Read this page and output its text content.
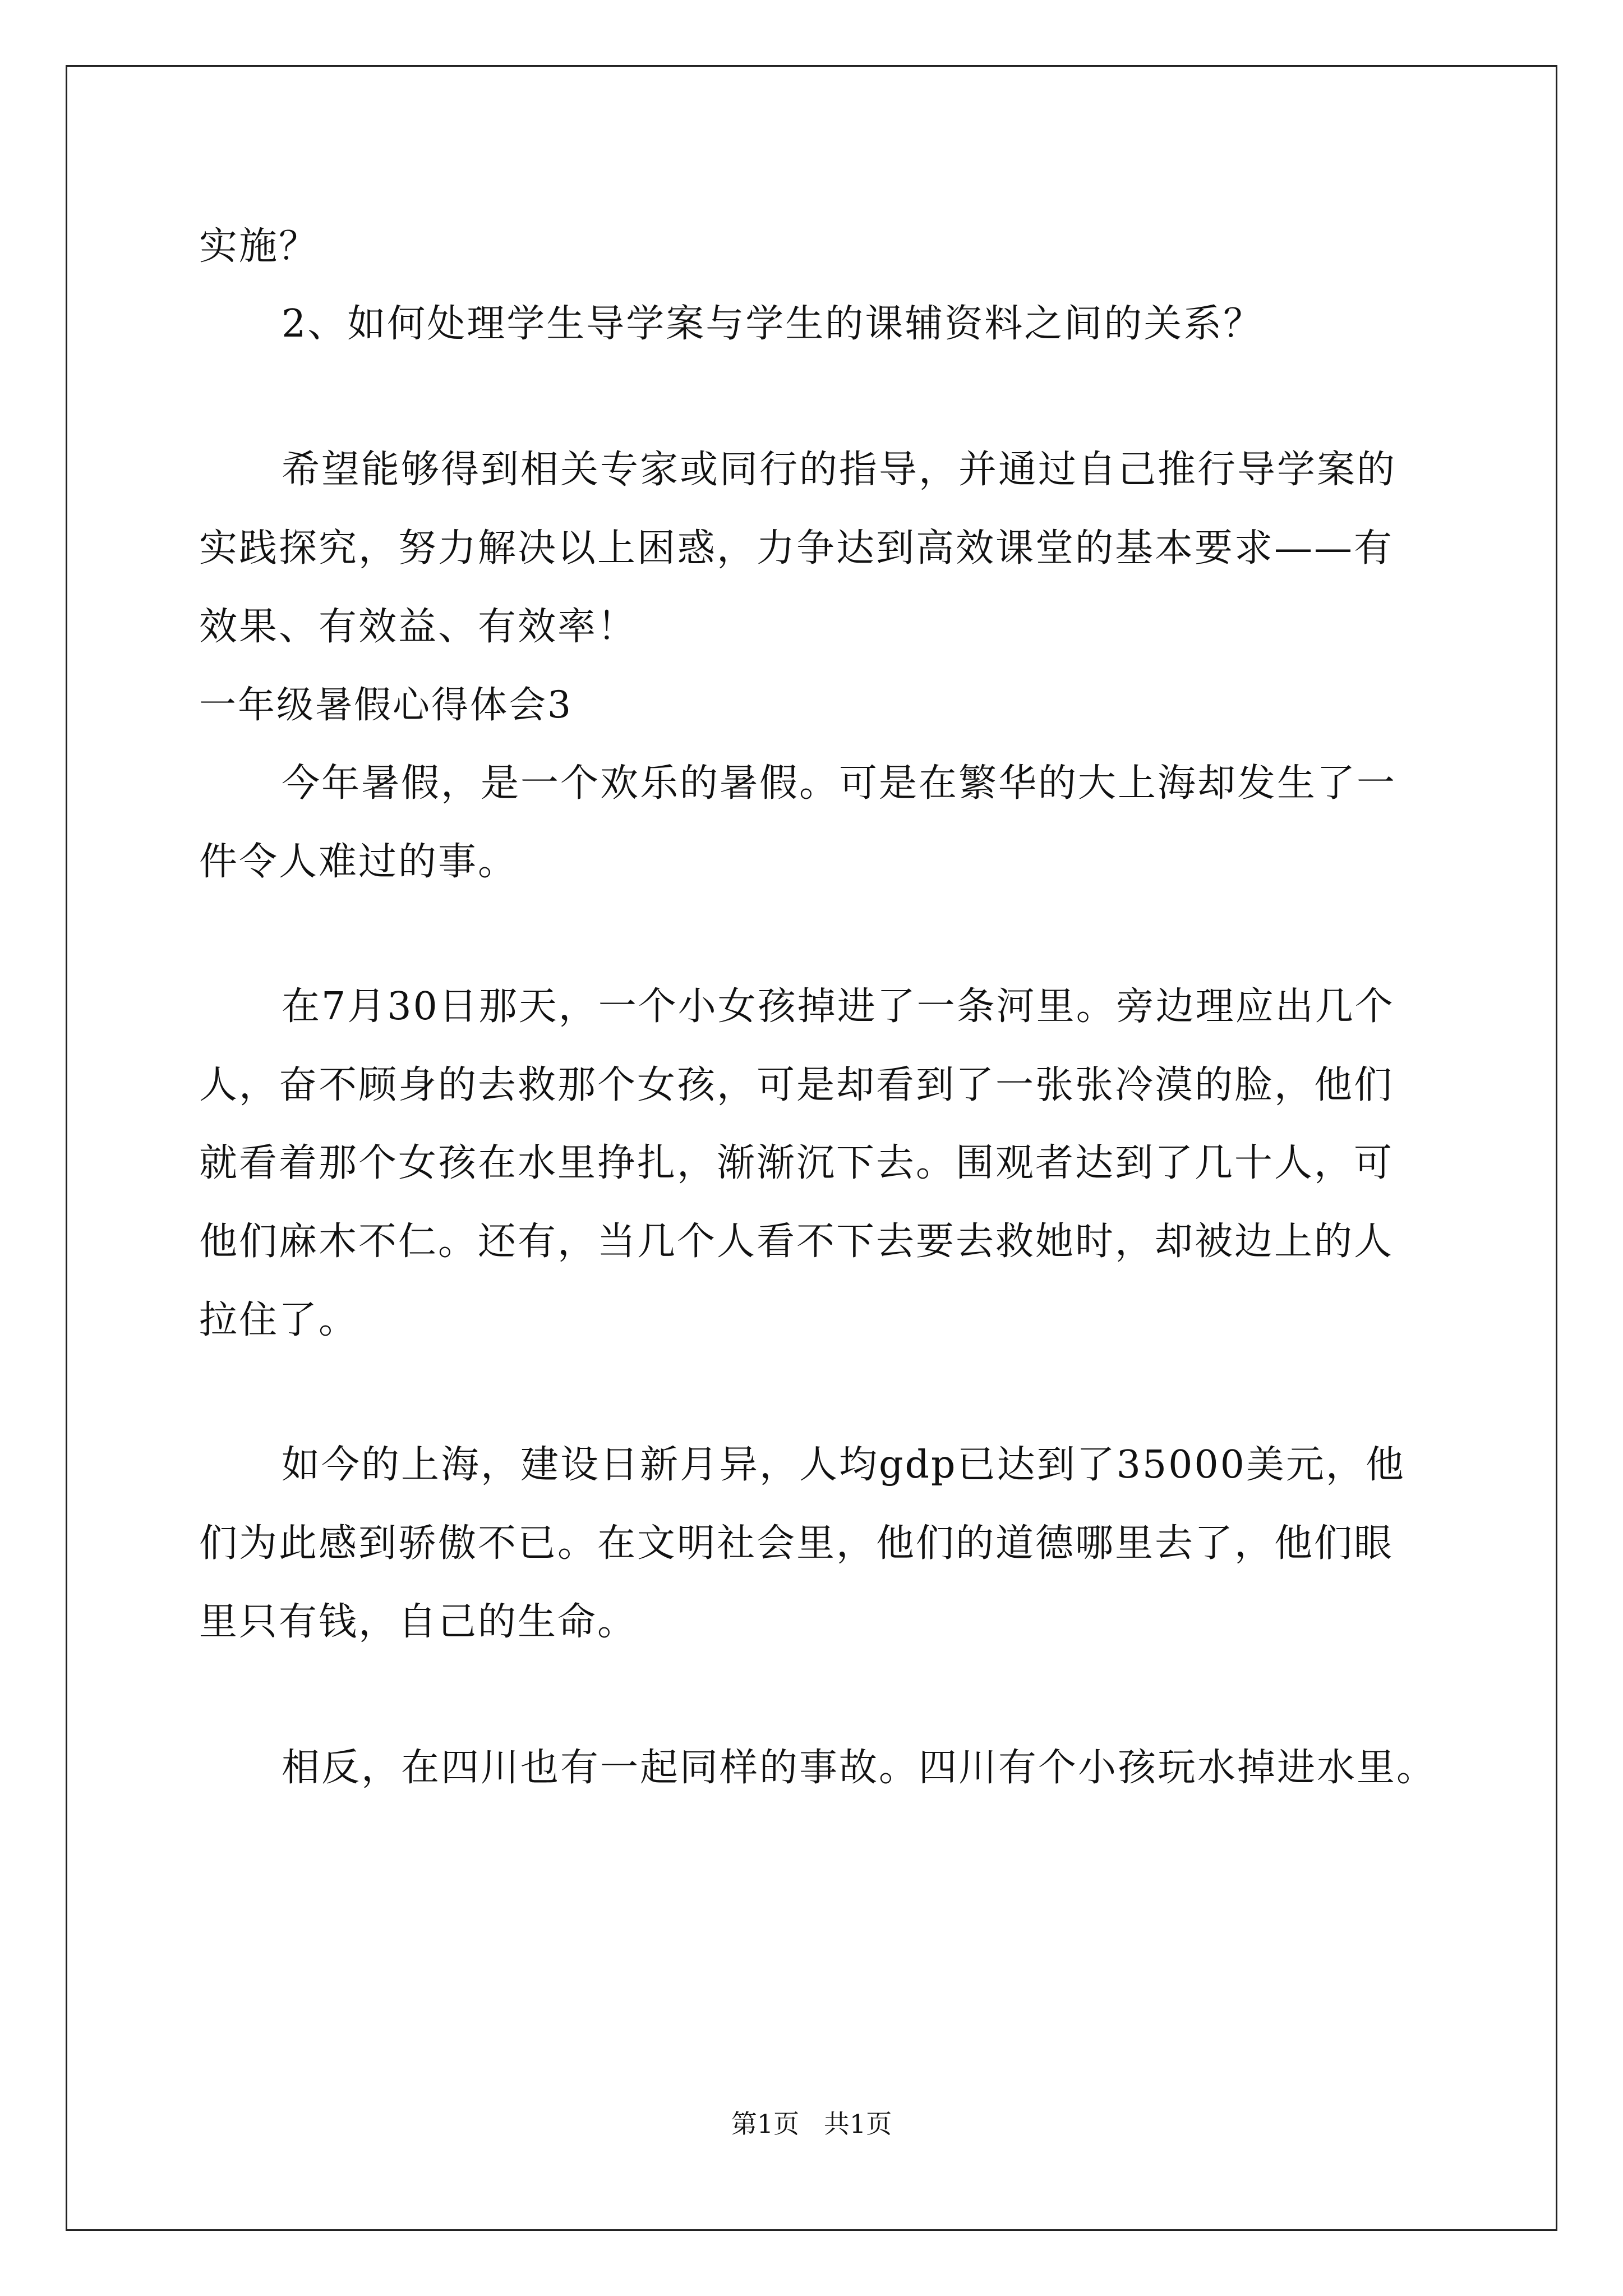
实施？
2、如何处理学生导学案与学生的课辅资料之间的关系？
希望能够得到相关专家或同行的指导，并通过自己推行导学案的
实践探究，努力解决以上困惑，力争达到高效课堂的基本要求——有
效果、有效益、有效率！
一年级暑假心得体会3
今年暑假，是一个欢乐的暑假。可是在繁华的大上海却发生了一
件令人难过的事。
在7月30日那天，一个小女孩掉进了一条河里。旁边理应出几个
人，奋不顾身的去救那个女孩，可是却看到了一张张冷漠的脸，他们
就看着那个女孩在水里挣扎，渐渐沉下去。围观者达到了几十人，可
他们麻木不仁。还有，当几个人看不下去要去救她时，却被边上的人
拉住了。
如今的上海，建设日新月异，人均gdp已达到了35000美元，他
们为此感到骄傲不已。在文明社会里，他们的道德哪里去了，他们眼
里只有钱，自己的生命。
相反，在四川也有一起同样的事故。四川有个小孩玩水掉进水里。
第1页   共1页
